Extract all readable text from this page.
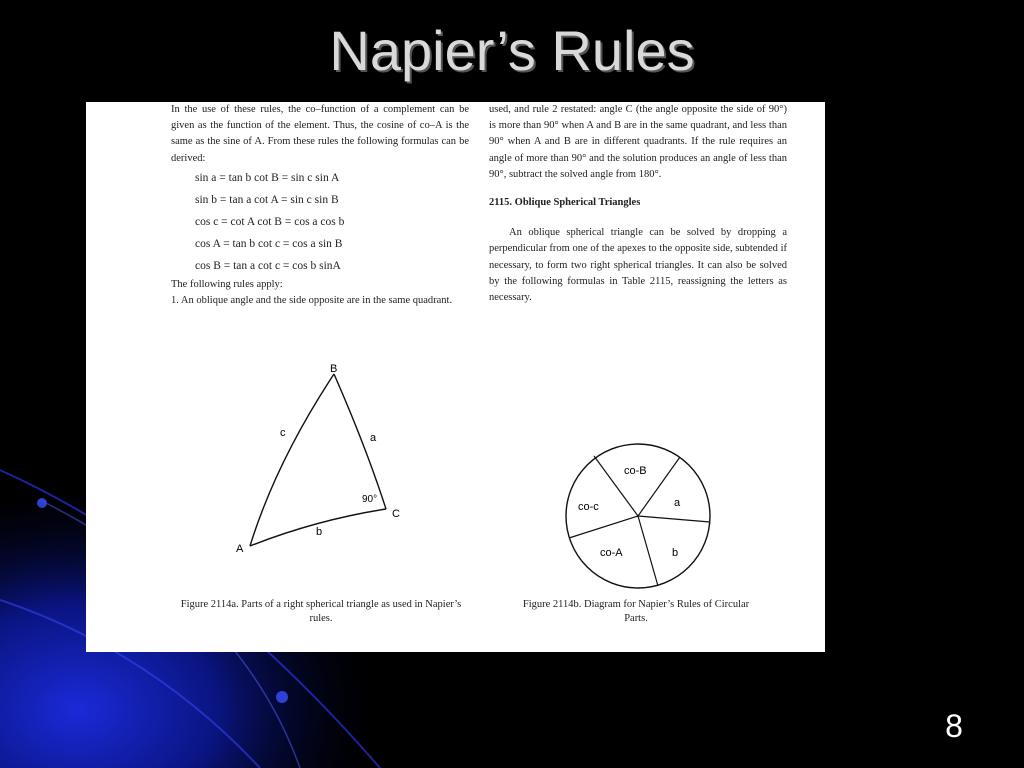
Napier’s Rules

In the use of these rules, the co–function of a complement can be given as the function of the element. Thus, the cosine of co–A is the same as the sine of A. From these rules the following formulas can be derived:

sin a = tan b cot B = sin c sin A
sin b = tan a cot A = sin c sin B
cos c = cot A cot B = cos a cos b
cos A = tan b cot c = cos a sin B
cos B = tan a cot c = cos b sinA

The following rules apply:

1. An oblique angle and the side opposite are in the same quadrant.

used, and rule 2 restated: angle C (the angle opposite the side of 90°) is more than 90° when A and B are in the same quadrant, and less than 90° when A and B are in different quadrants. If the rule requires an angle of more than 90° and the solution produces an angle of less than 90°, subtract the solved angle from 180°.

2115. Oblique Spherical Triangles

An oblique spherical triangle can be solved by dropping a perpendicular from one of the apexes to the opposite side, subtended if necessary, to form two right spherical triangles. It can also be solved by the following formulas in Table 2115, reassigning the letters as necessary.

B
A
C
a
b
c
90°
co-B
a
b
co-A
co-c
Figure 2114a. Parts of a right spherical triangle as used in Napier’s rules.
Figure 2114b. Diagram for Napier’s Rules of Circular Parts.
8
